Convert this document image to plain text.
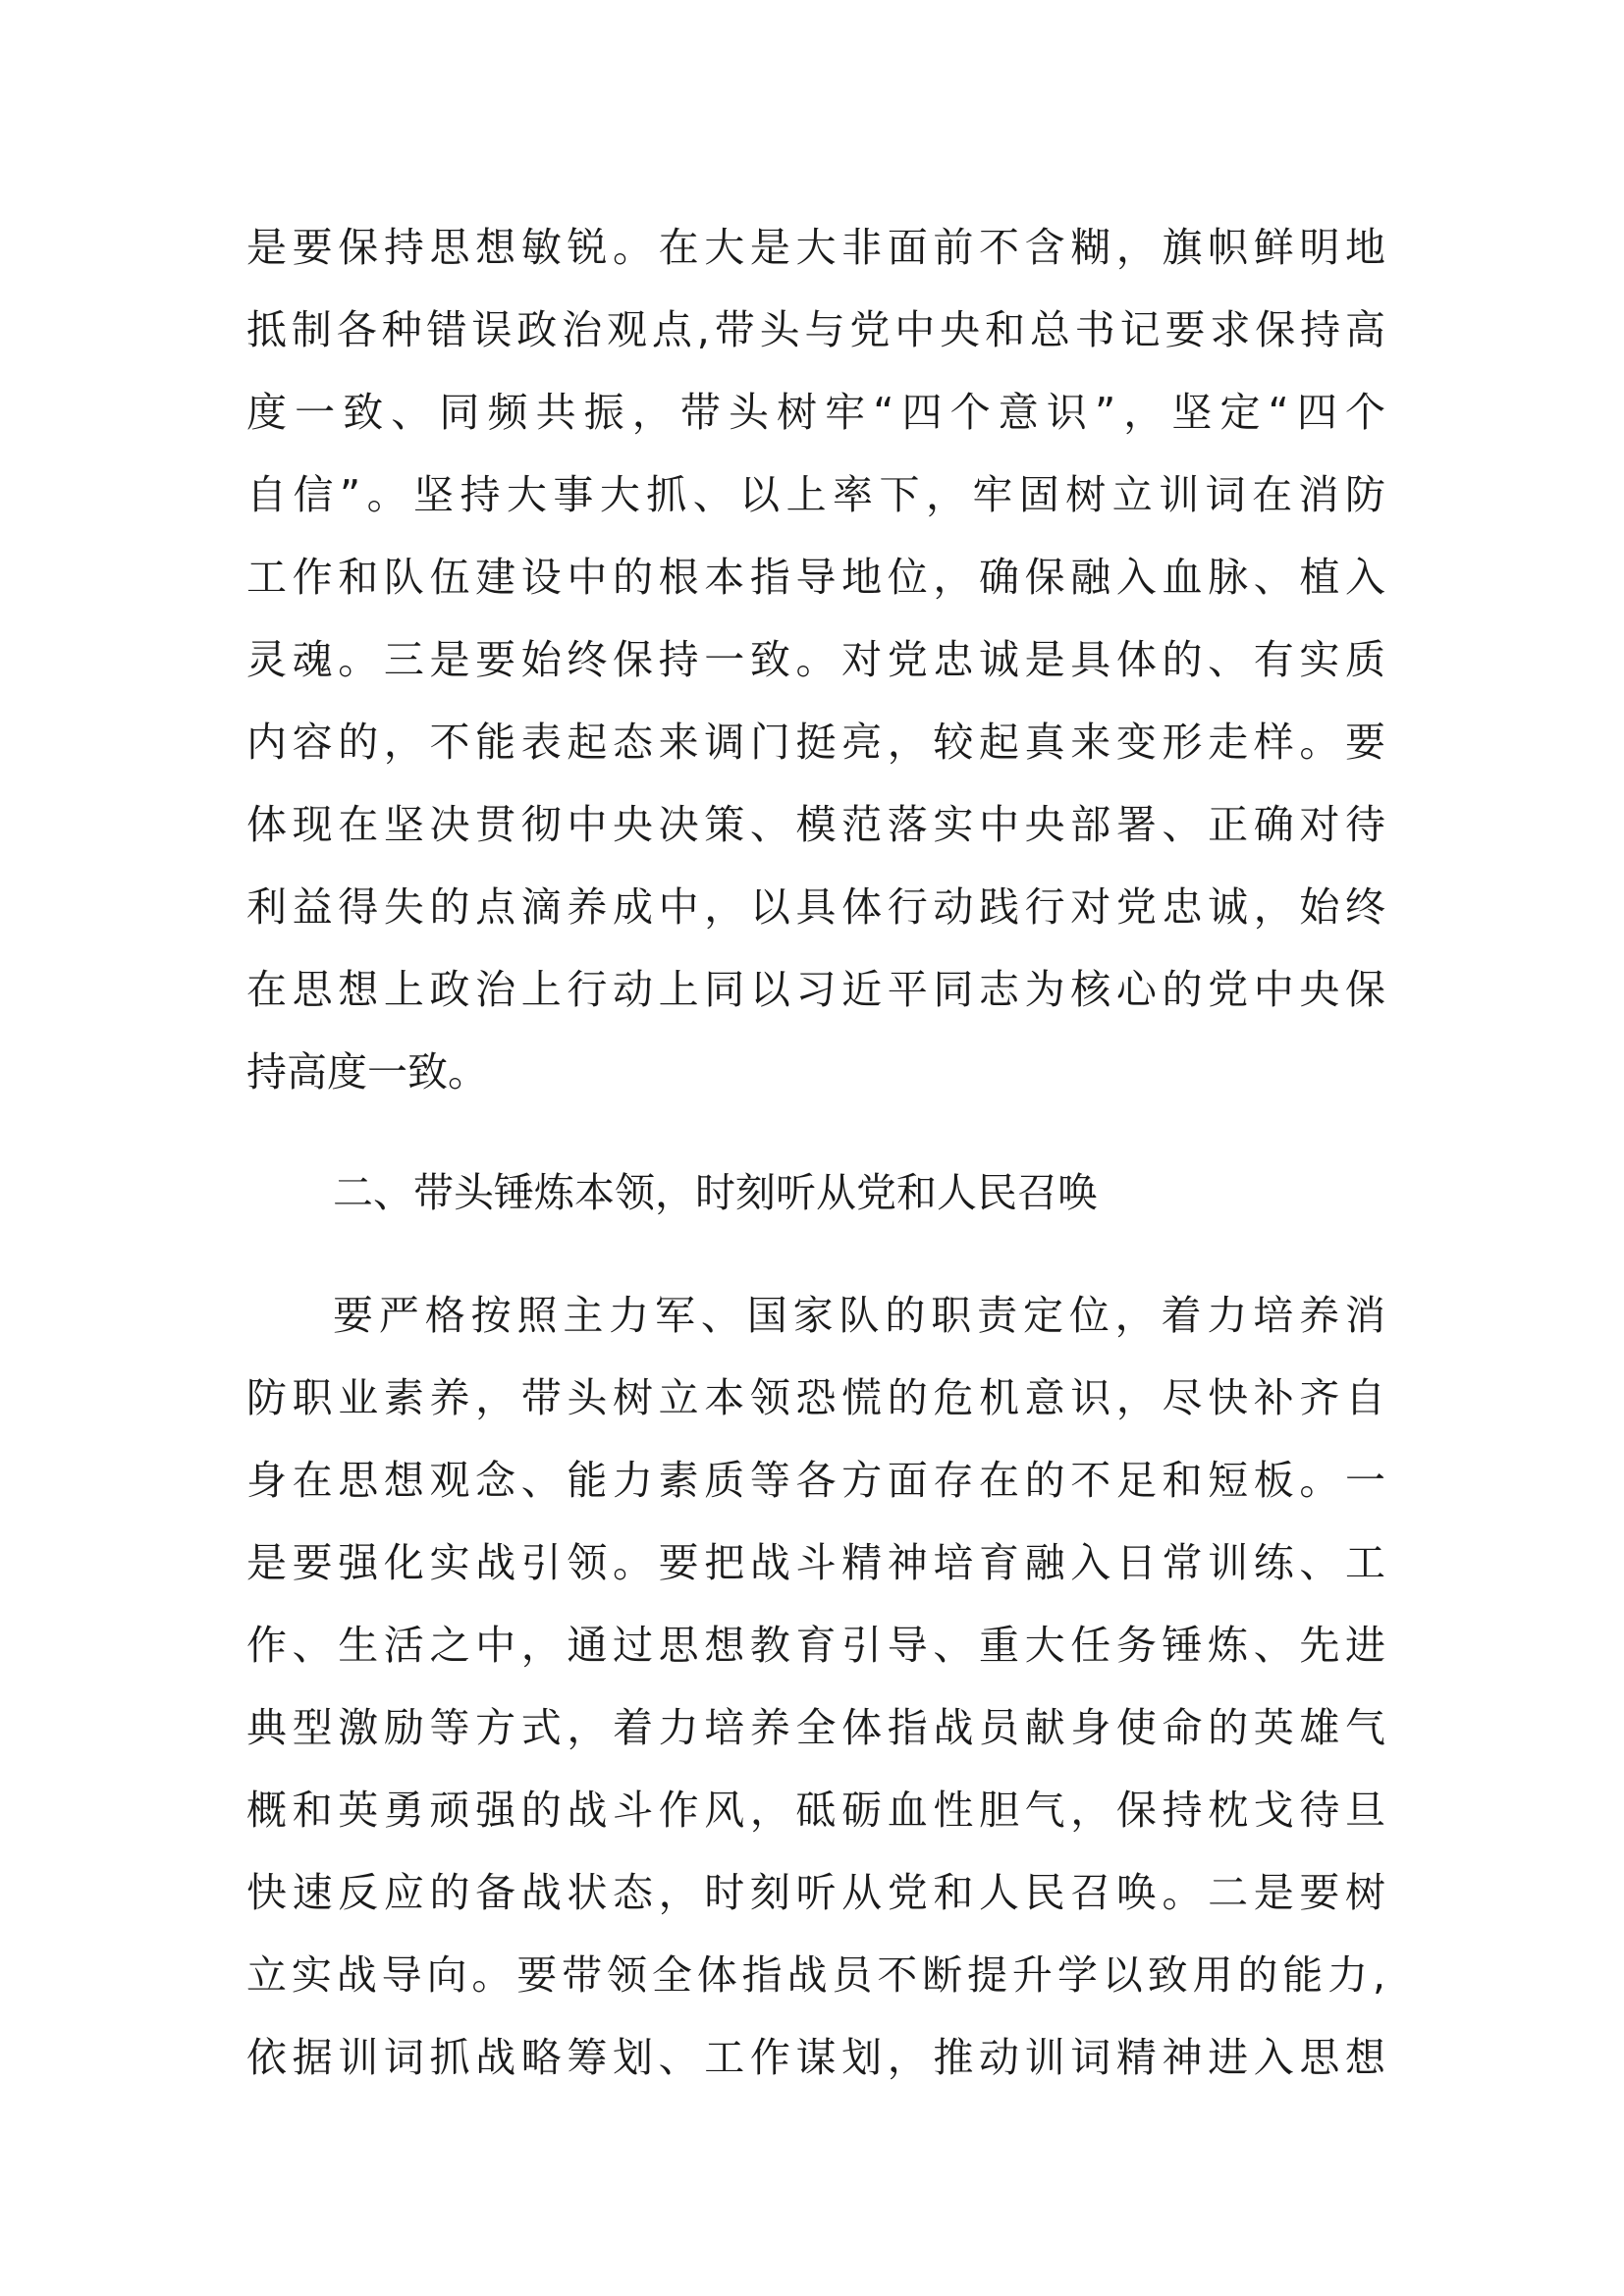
是要保持思想敏锐。在大是大非面前不含糊，旗帜鲜明地
抵制各种错误政治观点,带头与党中央和总书记要求保持高
度一致、同频共振，带头树牢“四个意识”，坚定“四个
自信”。坚持大事大抓、以上率下，牢固树立训词在消防
工作和队伍建设中的根本指导地位，确保融入血脉、植入
灵魂。三是要始终保持一致。对党忠诚是具体的、有实质
内容的，不能表起态来调门挺亮，较起真来变形走样。要
体现在坚决贯彻中央决策、模范落实中央部署、正确对待
利益得失的点滴养成中，以具体行动践行对党忠诚，始终
在思想上政治上行动上同以习近平同志为核心的党中央保
持高度一致。
二、带头锤炼本领，时刻听从党和人民召唤
要严格按照主力军、国家队的职责定位，着力培养消
防职业素养，带头树立本领恐慌的危机意识，尽快补齐自
身在思想观念、能力素质等各方面存在的不足和短板。一
是要强化实战引领。要把战斗精神培育融入日常训练、工
作、生活之中，通过思想教育引导、重大任务锤炼、先进
典型激励等方式，着力培养全体指战员献身使命的英雄气
概和英勇顽强的战斗作风，砥砺血性胆气，保持枕戈待旦
快速反应的备战状态，时刻听从党和人民召唤。二是要树
立实战导向。要带领全体指战员不断提升学以致用的能力,
依据训词抓战略筹划、工作谋划，推动训词精神进入思想
